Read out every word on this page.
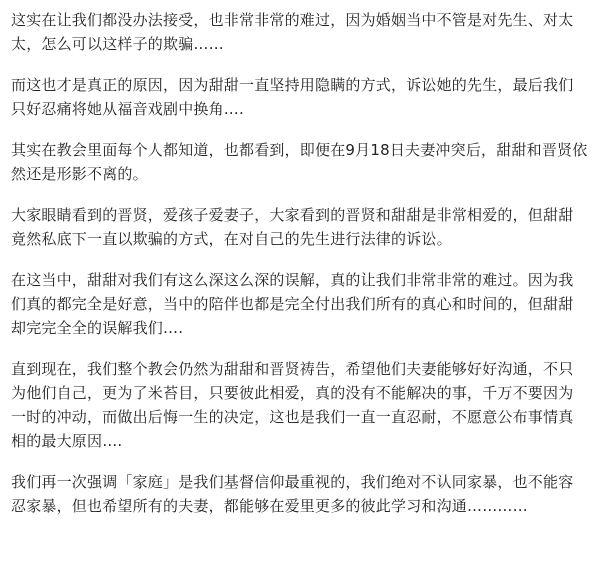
这实在让我们都没办法接受，也非常非常的难过，因为婚姻当中不管是对先生、对太太，怎么可以这样子的欺骗……

而这也才是真正的原因，因为甜甜一直坚持用隐瞒的方式，诉讼她的先生，最后我们只好忍痛将她从福音戏剧中换角….

其实在教会里面每个人都知道，也都看到，即便在9月18日夫妻冲突后，甜甜和晋贤依然还是形影不离的。

大家眼睛看到的晋贤，爱孩子爱妻子，大家看到的晋贤和甜甜是非常相爱的，但甜甜竟然私底下一直以欺骗的方式，在对自己的先生进行法律的诉讼。

在这当中，甜甜对我们有这么深这么深的误解，真的让我们非常非常的难过。因为我们真的都完全是好意，当中的陪伴也都是完全付出我们所有的真心和时间的，但甜甜却完完全全的误解我们….

直到现在，我们整个教会仍然为甜甜和晋贤祷告，希望他们夫妻能够好好沟通，不只为他们自己，更为了米苔目，只要彼此相爱，真的没有不能解决的事，千万不要因为一时的冲动，而做出后悔一生的决定，这也是我们一直一直忍耐，不愿意公布事情真相的最大原因….

我们再一次强调「家庭」是我们基督信仰最重视的，我们绝对不认同家暴，也不能容忍家暴，但也希望所有的夫妻，都能够在爱里更多的彼此学习和沟通…………
